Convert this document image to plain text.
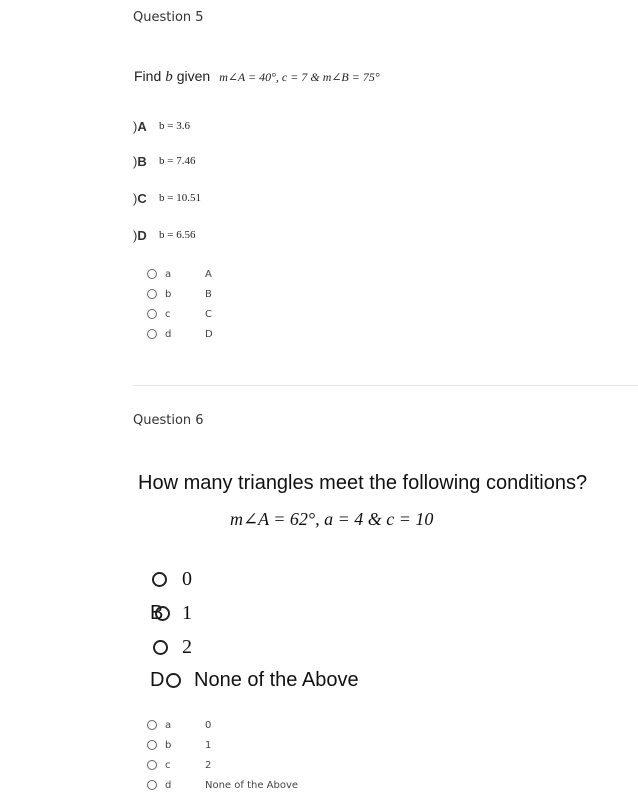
Question 5
Find b given m∠A = 40°, c = 7 & m∠B = 75°
)A	b = 3.6
)B	b = 7.46
)C	b = 10.51
)D	b = 6.56
a	A
b	B
c	C
d	D
Question 6
How many triangles meet the following conditions?
m∠A = 62°, a = 4 & c = 10
0
B 1
2
D	None of the Above
a	0
b	1
c	2
d	None of the Above
